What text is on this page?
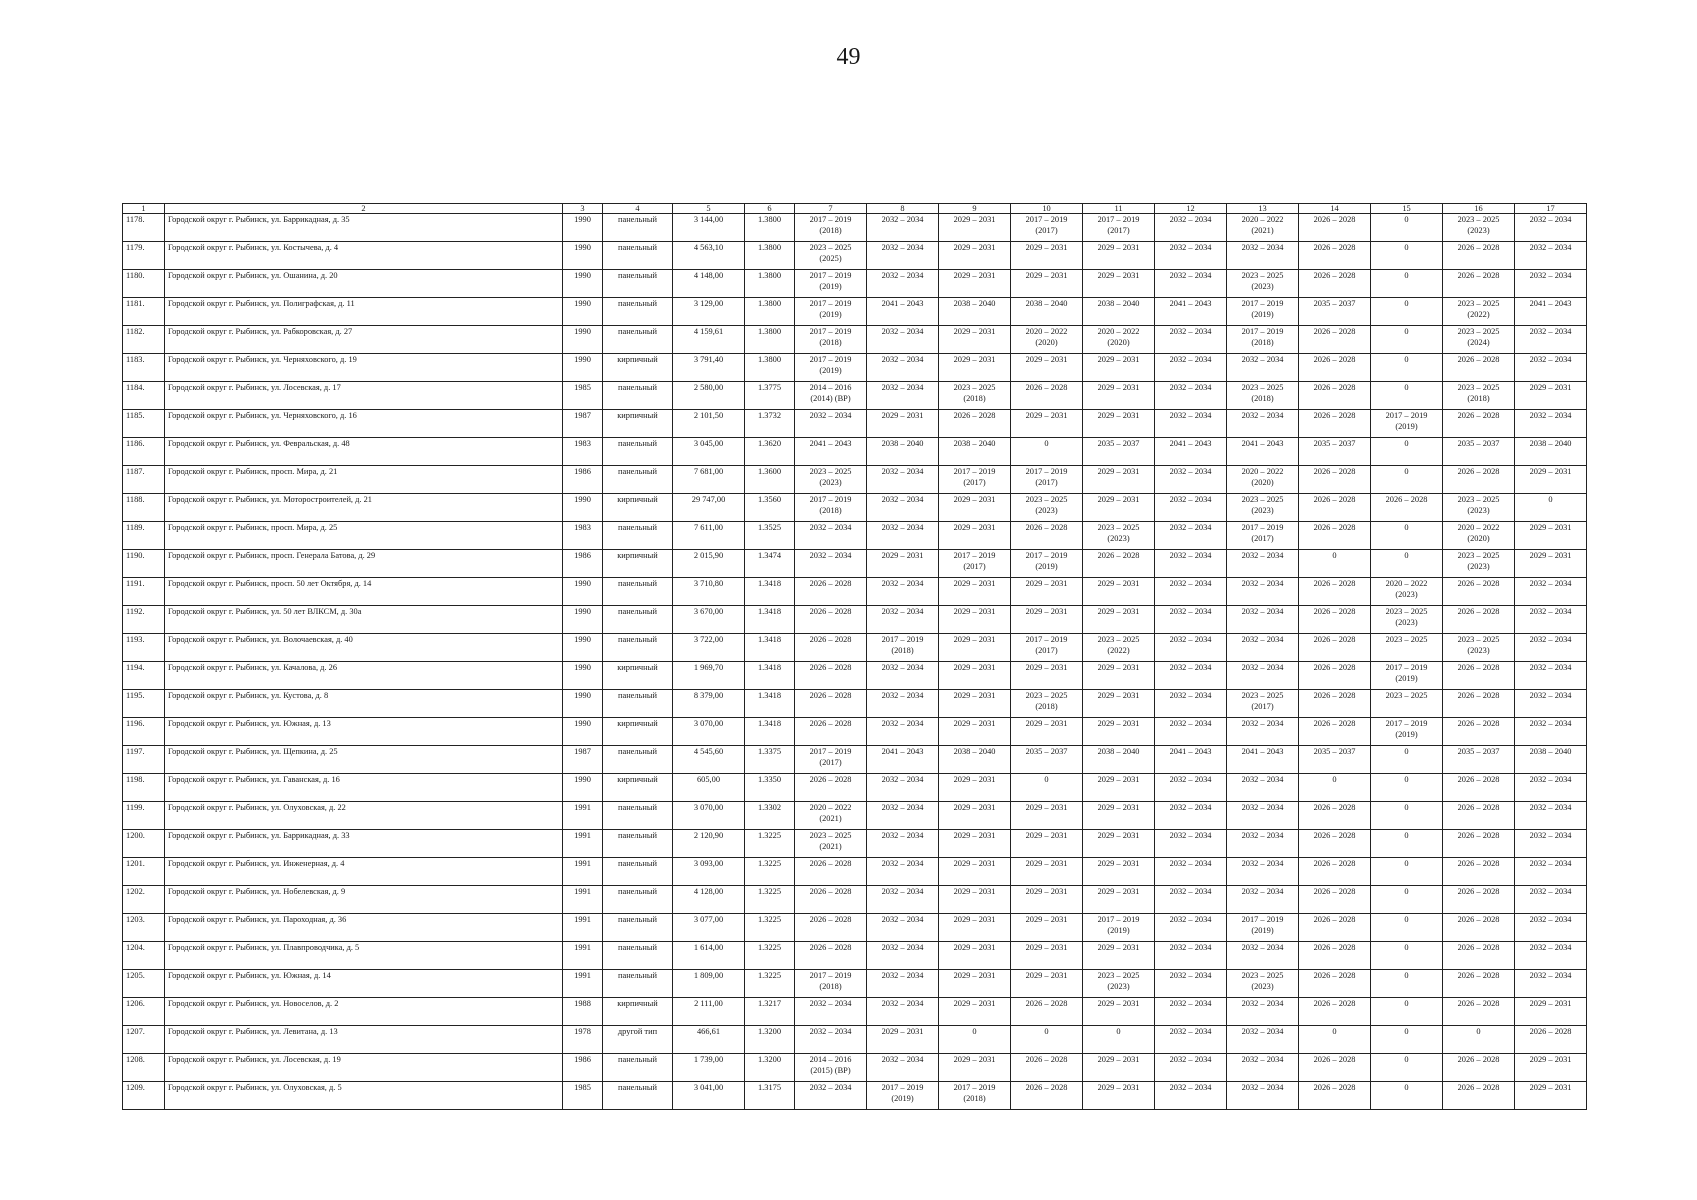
49
1	2	3	4	5	6	7	8	9	10	11	12	13	14	15	16	17
1178.	Городской округ г. Рыбинск, ул. Баррикадная, д. 35	1990	панельный	3 144,00	1.3800	2017 – 2019
(2018)	2032 – 2034	2029 – 2031	2017 – 2019
(2017)	2017 – 2019
(2017)	2032 – 2034	2020 – 2022
(2021)	2026 – 2028	0	2023 – 2025
(2023)	2032 – 2034
1179.	Городской округ г. Рыбинск, ул. Костычева, д. 4	1990	панельный	4 563,10	1.3800	2023 – 2025
(2025)	2032 – 2034	2029 – 2031	2029 – 2031	2029 – 2031	2032 – 2034	2032 – 2034	2026 – 2028	0	2026 – 2028	2032 – 2034
1180.	Городской округ г. Рыбинск, ул. Ошанина, д. 20	1990	панельный	4 148,00	1.3800	2017 – 2019
(2019)	2032 – 2034	2029 – 2031	2029 – 2031	2029 – 2031	2032 – 2034	2023 – 2025
(2023)	2026 – 2028	0	2026 – 2028	2032 – 2034
1181.	Городской округ г. Рыбинск, ул. Полиграфская, д. 11	1990	панельный	3 129,00	1.3800	2017 – 2019
(2019)	2041 – 2043	2038 – 2040	2038 – 2040	2038 – 2040	2041 – 2043	2017 – 2019
(2019)	2035 – 2037	0	2023 – 2025
(2022)	2041 – 2043
1182.	Городской округ г. Рыбинск, ул. Рабкоровская, д. 27	1990	панельный	4 159,61	1.3800	2017 – 2019
(2018)	2032 – 2034	2029 – 2031	2020 – 2022
(2020)	2020 – 2022
(2020)	2032 – 2034	2017 – 2019
(2018)	2026 – 2028	0	2023 – 2025
(2024)	2032 – 2034
1183.	Городской округ г. Рыбинск, ул. Черняховского, д. 19	1990	кирпичный	3 791,40	1.3800	2017 – 2019
(2019)	2032 – 2034	2029 – 2031	2029 – 2031	2029 – 2031	2032 – 2034	2032 – 2034	2026 – 2028	0	2026 – 2028	2032 – 2034
1184.	Городской округ г. Рыбинск, ул. Лосевская, д. 17	1985	панельный	2 580,00	1.3775	2014 – 2016
(2014) (ВР)	2032 – 2034	2023 – 2025
(2018)	2026 – 2028	2029 – 2031	2032 – 2034	2023 – 2025
(2018)	2026 – 2028	0	2023 – 2025
(2018)	2029 – 2031
1185.	Городской округ г. Рыбинск, ул. Черняховского, д. 16	1987	кирпичный	2 101,50	1.3732	2032 – 2034	2029 – 2031	2026 – 2028	2029 – 2031	2029 – 2031	2032 – 2034	2032 – 2034	2026 – 2028	2017 – 2019
(2019)	2026 – 2028	2032 – 2034
1186.	Городской округ г. Рыбинск, ул. Февральская, д. 48	1983	панельный	3 045,00	1.3620	2041 – 2043	2038 – 2040	2038 – 2040	0	2035 – 2037	2041 – 2043	2041 – 2043	2035 – 2037	0	2035 – 2037	2038 – 2040
1187.	Городской округ г. Рыбинск, просп. Мира, д. 21	1986	панельный	7 681,00	1.3600	2023 – 2025
(2023)	2032 – 2034	2017 – 2019
(2017)	2017 – 2019
(2017)	2029 – 2031	2032 – 2034	2020 – 2022
(2020)	2026 – 2028	0	2026 – 2028	2029 – 2031
1188.	Городской округ г. Рыбинск, ул. Моторостроителей, д. 21	1990	кирпичный	29 747,00	1.3560	2017 – 2019
(2018)	2032 – 2034	2029 – 2031	2023 – 2025
(2023)	2029 – 2031	2032 – 2034	2023 – 2025
(2023)	2026 – 2028	2026 – 2028	2023 – 2025
(2023)	0
1189.	Городской округ г. Рыбинск, просп. Мира, д. 25	1983	панельный	7 611,00	1.3525	2032 – 2034	2032 – 2034	2029 – 2031	2026 – 2028	2023 – 2025
(2023)	2032 – 2034	2017 – 2019
(2017)	2026 – 2028	0	2020 – 2022
(2020)	2029 – 2031
1190.	Городской округ г. Рыбинск, просп. Генерала Батова, д. 29	1986	кирпичный	2 015,90	1.3474	2032 – 2034	2029 – 2031	2017 – 2019
(2017)	2017 – 2019
(2019)	2026 – 2028	2032 – 2034	2032 – 2034	0	0	2023 – 2025
(2023)	2029 – 2031
1191.	Городской округ г. Рыбинск, просп. 50 лет Октября, д. 14	1990	панельный	3 710,80	1.3418	2026 – 2028	2032 – 2034	2029 – 2031	2029 – 2031	2029 – 2031	2032 – 2034	2032 – 2034	2026 – 2028	2020 – 2022
(2023)	2026 – 2028	2032 – 2034
1192.	Городской округ г. Рыбинск, ул. 50 лет ВЛКСМ, д. 30а	1990	панельный	3 670,00	1.3418	2026 – 2028	2032 – 2034	2029 – 2031	2029 – 2031	2029 – 2031	2032 – 2034	2032 – 2034	2026 – 2028	2023 – 2025
(2023)	2026 – 2028	2032 – 2034
1193.	Городской округ г. Рыбинск, ул. Волочаевская, д. 40	1990	панельный	3 722,00	1.3418	2026 – 2028	2017 – 2019
(2018)	2029 – 2031	2017 – 2019
(2017)	2023 – 2025
(2022)	2032 – 2034	2032 – 2034	2026 – 2028	2023 – 2025	2023 – 2025
(2023)	2032 – 2034
1194.	Городской округ г. Рыбинск, ул. Качалова, д. 26	1990	кирпичный	1 969,70	1.3418	2026 – 2028	2032 – 2034	2029 – 2031	2029 – 2031	2029 – 2031	2032 – 2034	2032 – 2034	2026 – 2028	2017 – 2019
(2019)	2026 – 2028	2032 – 2034
1195.	Городской округ г. Рыбинск, ул. Кустова, д. 8	1990	панельный	8 379,00	1.3418	2026 – 2028	2032 – 2034	2029 – 2031	2023 – 2025
(2018)	2029 – 2031	2032 – 2034	2023 – 2025
(2017)	2026 – 2028	2023 – 2025	2026 – 2028	2032 – 2034
1196.	Городской округ г. Рыбинск, ул. Южная, д. 13	1990	кирпичный	3 070,00	1.3418	2026 – 2028	2032 – 2034	2029 – 2031	2029 – 2031	2029 – 2031	2032 – 2034	2032 – 2034	2026 – 2028	2017 – 2019
(2019)	2026 – 2028	2032 – 2034
1197.	Городской округ г. Рыбинск, ул. Щепкина, д. 25	1987	панельный	4 545,60	1.3375	2017 – 2019
(2017)	2041 – 2043	2038 – 2040	2035 – 2037	2038 – 2040	2041 – 2043	2041 – 2043	2035 – 2037	0	2035 – 2037	2038 – 2040
1198.	Городской округ г. Рыбинск, ул. Гаванская, д. 16	1990	кирпичный	605,00	1.3350	2026 – 2028	2032 – 2034	2029 – 2031	0	2029 – 2031	2032 – 2034	2032 – 2034	0	0	2026 – 2028	2032 – 2034
1199.	Городской округ г. Рыбинск, ул. Олуховская, д. 22	1991	панельный	3 070,00	1.3302	2020 – 2022
(2021)	2032 – 2034	2029 – 2031	2029 – 2031	2029 – 2031	2032 – 2034	2032 – 2034	2026 – 2028	0	2026 – 2028	2032 – 2034
1200.	Городской округ г. Рыбинск, ул. Баррикадная, д. 33	1991	панельный	2 120,90	1.3225	2023 – 2025
(2021)	2032 – 2034	2029 – 2031	2029 – 2031	2029 – 2031	2032 – 2034	2032 – 2034	2026 – 2028	0	2026 – 2028	2032 – 2034
1201.	Городской округ г. Рыбинск, ул. Инженерная, д. 4	1991	панельный	3 093,00	1.3225	2026 – 2028	2032 – 2034	2029 – 2031	2029 – 2031	2029 – 2031	2032 – 2034	2032 – 2034	2026 – 2028	0	2026 – 2028	2032 – 2034
1202.	Городской округ г. Рыбинск, ул. Нобелевская, д. 9	1991	панельный	4 128,00	1.3225	2026 – 2028	2032 – 2034	2029 – 2031	2029 – 2031	2029 – 2031	2032 – 2034	2032 – 2034	2026 – 2028	0	2026 – 2028	2032 – 2034
1203.	Городской округ г. Рыбинск, ул. Пароходная, д. 36	1991	панельный	3 077,00	1.3225	2026 – 2028	2032 – 2034	2029 – 2031	2029 – 2031	2017 – 2019
(2019)	2032 – 2034	2017 – 2019
(2019)	2026 – 2028	0	2026 – 2028	2032 – 2034
1204.	Городской округ г. Рыбинск, ул. Плавпроводчика, д. 5	1991	панельный	1 614,00	1.3225	2026 – 2028	2032 – 2034	2029 – 2031	2029 – 2031	2029 – 2031	2032 – 2034	2032 – 2034	2026 – 2028	0	2026 – 2028	2032 – 2034
1205.	Городской округ г. Рыбинск, ул. Южная, д. 14	1991	панельный	1 809,00	1.3225	2017 – 2019
(2018)	2032 – 2034	2029 – 2031	2029 – 2031	2023 – 2025
(2023)	2032 – 2034	2023 – 2025
(2023)	2026 – 2028	0	2026 – 2028	2032 – 2034
1206.	Городской округ г. Рыбинск, ул. Новоселов, д. 2	1988	кирпичный	2 111,00	1.3217	2032 – 2034	2032 – 2034	2029 – 2031	2026 – 2028	2029 – 2031	2032 – 2034	2032 – 2034	2026 – 2028	0	2026 – 2028	2029 – 2031
1207.	Городской округ г. Рыбинск, ул. Левитана, д. 13	1978	другой тип	466,61	1.3200	2032 – 2034	2029 – 2031	0	0	0	2032 – 2034	2032 – 2034	0	0	0	2026 – 2028
1208.	Городской округ г. Рыбинск, ул. Лосевская, д. 19	1986	панельный	1 739,00	1.3200	2014 – 2016
(2015) (ВР)	2032 – 2034	2029 – 2031	2026 – 2028	2029 – 2031	2032 – 2034	2032 – 2034	2026 – 2028	0	2026 – 2028	2029 – 2031
1209.	Городской округ г. Рыбинск, ул. Олуховская, д. 5	1985	панельный	3 041,00	1.3175	2032 – 2034	2017 – 2019
(2019)	2017 – 2019
(2018)	2026 – 2028	2029 – 2031	2032 – 2034	2032 – 2034	2026 – 2028	0	2026 – 2028	2029 – 2031
